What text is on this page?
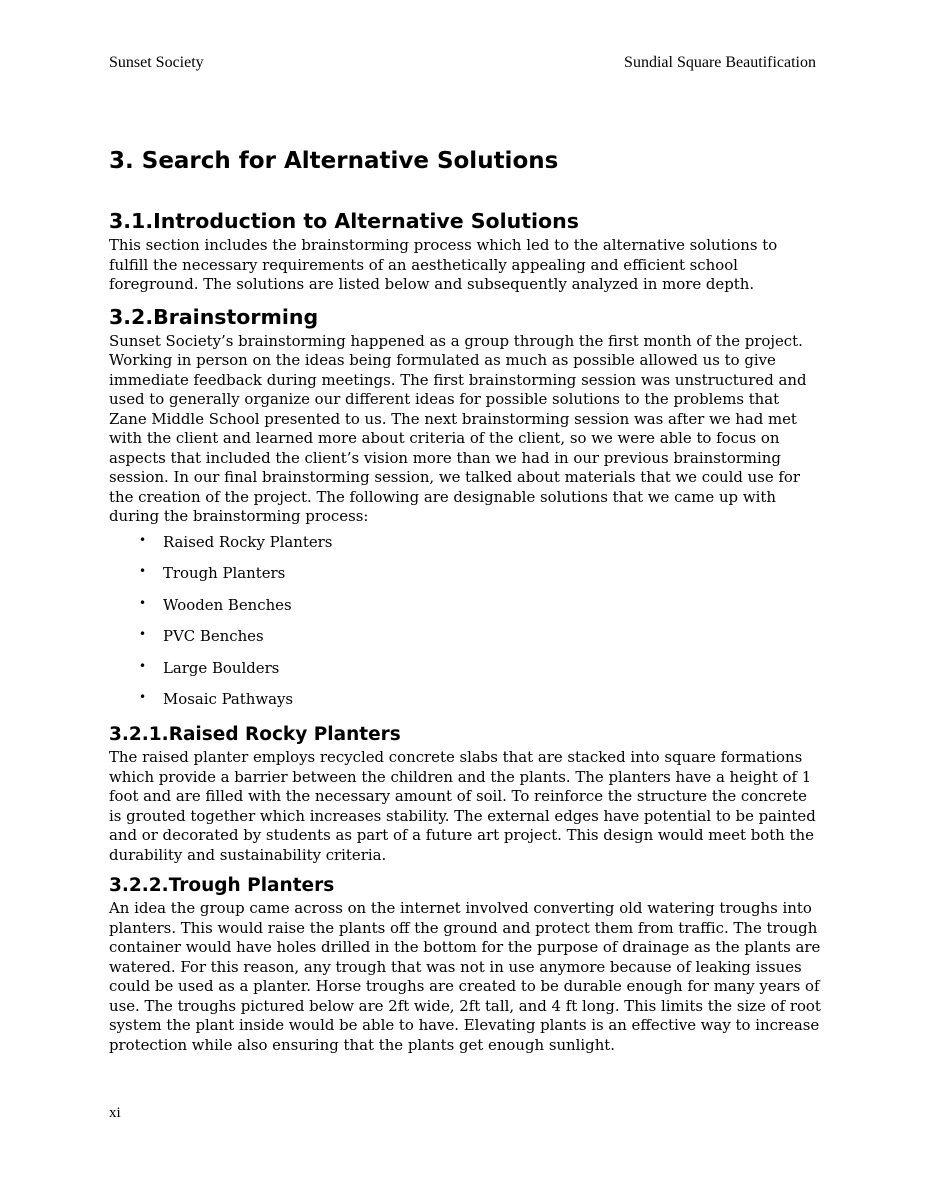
Sunset Society	Sundial Square Beautification
3. Search for Alternative Solutions
3.1.Introduction to Alternative Solutions

This section includes the brainstorming process which led to the alternative solutions to fulfill the necessary requirements of an aesthetically appealing and efficient school foreground. The solutions are listed below and subsequently analyzed in more depth.

3.2.Brainstorming

Sunset Society’s brainstorming happened as a group through the first month of the project. Working in person on the ideas being formulated as much as possible allowed us to give immediate feedback during meetings. The first brainstorming session was unstructured and used to generally organize our different ideas for possible solutions to the problems that Zane Middle School presented to us. The next brainstorming session was after we had met with the client and learned more about criteria of the client, so we were able to focus on aspects that included the client’s vision more than we had in our previous brainstorming session. In our final brainstorming session, we talked about materials that we could use for the creation of the project. The following are designable solutions that we came up with during the brainstorming process:

• Raised Rocky Planters
• Trough Planters
• Wooden Benches
• PVC Benches
• Large Boulders
• Mosaic Pathways
3.2.1.Raised Rocky Planters

The raised planter employs recycled concrete slabs that are stacked into square formations which provide a barrier between the children and the plants. The planters have a height of 1 foot and are filled with the necessary amount of soil. To reinforce the structure the concrete is grouted together which increases stability. The external edges have potential to be painted and or decorated by students as part of a future art project. This design would meet both the durability and sustainability criteria.

3.2.2.Trough Planters

An idea the group came across on the internet involved converting old watering troughs into planters. This would raise the plants off the ground and protect them from traffic. The trough container would have holes drilled in the bottom for the purpose of drainage as the plants are watered. For this reason, any trough that was not in use anymore because of leaking issues could be used as a planter. Horse troughs are created to be durable enough for many years of use. The troughs pictured below are 2ft wide, 2ft tall, and 4 ft long. This limits the size of root system the plant inside would be able to have. Elevating plants is an effective way to increase protection while also ensuring that the plants get enough sunlight.

xi
